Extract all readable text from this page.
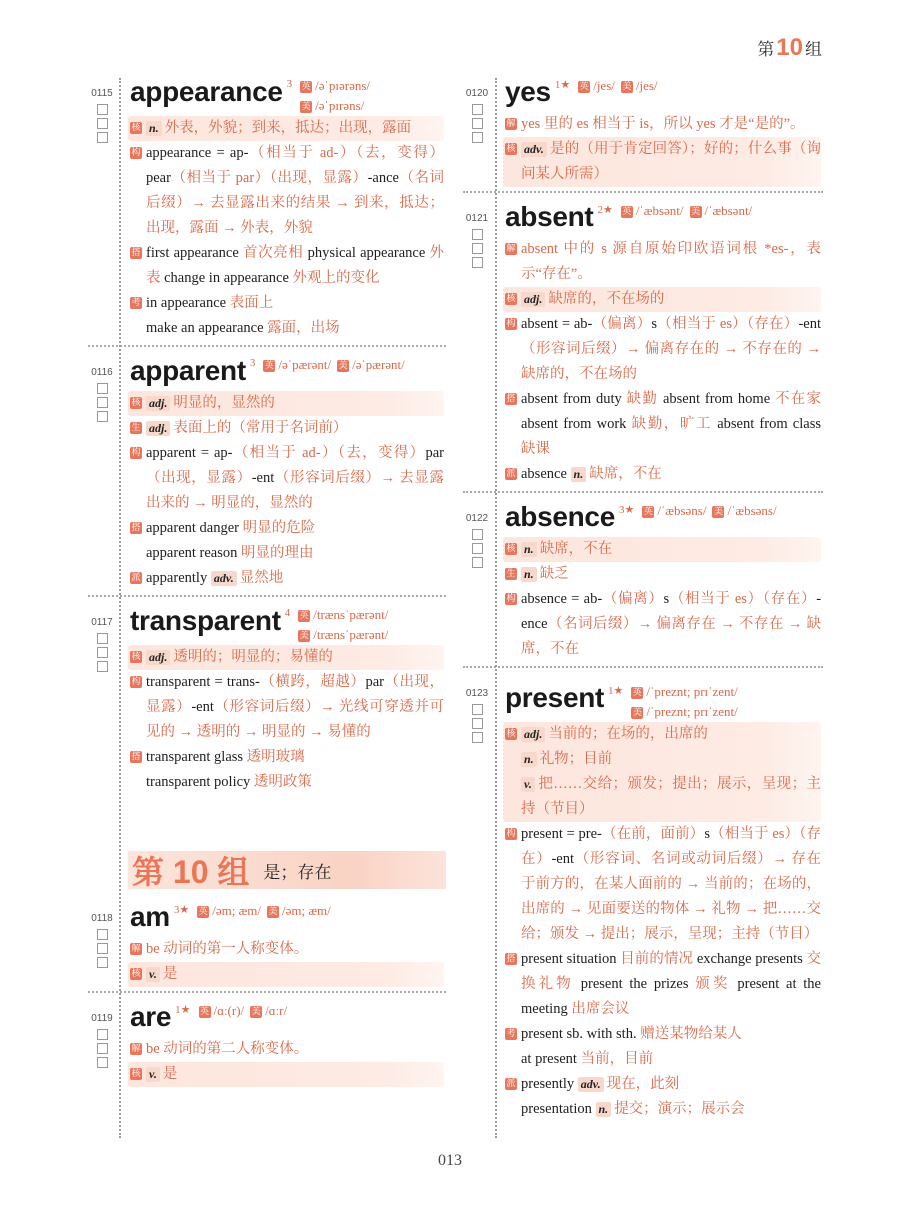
第10 组
0115 appearance 3 英 /əˈpɪərəns/
美 /əˈpɪrəns/
核 n. 外表，外貌；到来，抵达；出现，露面
构 appearance = ap-（相当于 ad-）（去，变得）pear（相当于 par）（出现，显露）-ance（名词后缀）→ 去显露出来的结果 → 到来，抵达；出现，露面 → 外表，外貌
搭 first appearance 首次亮相 physical appearance 外表 change in appearance 外观上的变化
考 in appearance 表面上
make an appearance 露面，出场
0116 apparent 3 英 /əˈpærənt/ 美 /əˈpærənt/
核 adj. 明显的，显然的
生 adj. 表面上的（常用于名词前）
构 apparent = ap-（相当于 ad-）（去，变得）par（出现，显露）-ent（形容词后缀）→ 去显露出来的 → 明显的，显然的
搭 apparent danger 明显的危险
apparent reason 明显的理由
派 apparently adv. 显然地
0117 transparent 4 英 /trænsˈpærənt/
美 /trænsˈpærənt/
核 adj. 透明的；明显的；易懂的
构 transparent = trans-（横跨，超越）par（出现，显露）-ent（形容词后缀）→ 光线可穿透并可见的 → 透明的 → 明显的 → 易懂的
搭 transparent glass 透明玻璃
transparent policy 透明政策
第 10 组 是；存在
0118 am 3★ 英 /əm; æm/ 美 /əm; æm/
解 be 动词的第一人称变体。
核 v. 是
0119 are 1★ 英 /ɑː(r)/ 美 /ɑːr/
解 be 动词的第二人称变体。
核 v. 是
0120 yes 1★ 英 /jes/ 美 /jes/
解 yes 里的 es 相当于 is，所以 yes 才是“是的”。
核 adv. 是的（用于肯定回答）；好的；什么事（询问某人所需）
0121 absent 2★ 英 /ˈæbsənt/ 美 /ˈæbsənt/
解 absent 中的 s 源自原始印欧语词根 *es-，表示“存在”。
核 adj. 缺席的，不在场的
构 absent = ab-（偏离）s（相当于 es）（存在）-ent（形容词后缀）→ 偏离存在的 → 不存在的 → 缺席的，不在场的
搭 absent from duty 缺勤 absent from home 不在家 absent from work 缺勤，旷工 absent from class 缺课
派 absence n. 缺席，不在
0122 absence 3★ 英 /ˈæbsəns/ 美 /ˈæbsəns/
核 n. 缺席，不在
生 n. 缺乏
构 absence = ab-（偏离）s（相当于 es）（存在）-ence（名词后缀）→ 偏离存在 → 不存在 → 缺席，不在
0123 present 1★ 英 /ˈpreznt; prɪˈzent/
美 /ˈpreznt; prɪˈzent/
核 adj. 当前的；在场的，出席的
n. 礼物；目前
v. 把……交给；颁发；提出；展示，呈现；主持（节目）
构 present = pre-（在前，面前）s（相当于 es）（存在）-ent（形容词、名词或动词后缀）→ 存在于前方的，在某人面前的 → 当前的；在场的，出席的 → 见面要送的物体 → 礼物 → 把……交给；颁发 → 提出；展示，呈现；主持（节目）
搭 present situation 目前的情况 exchange presents 交换礼物 present the prizes 颁奖 present at the meeting 出席会议
考 present sb. with sth. 赠送某物给某人
at present 当前，目前
派 presently adv. 现在，此刻
presentation n. 提交；演示；展示会
013
